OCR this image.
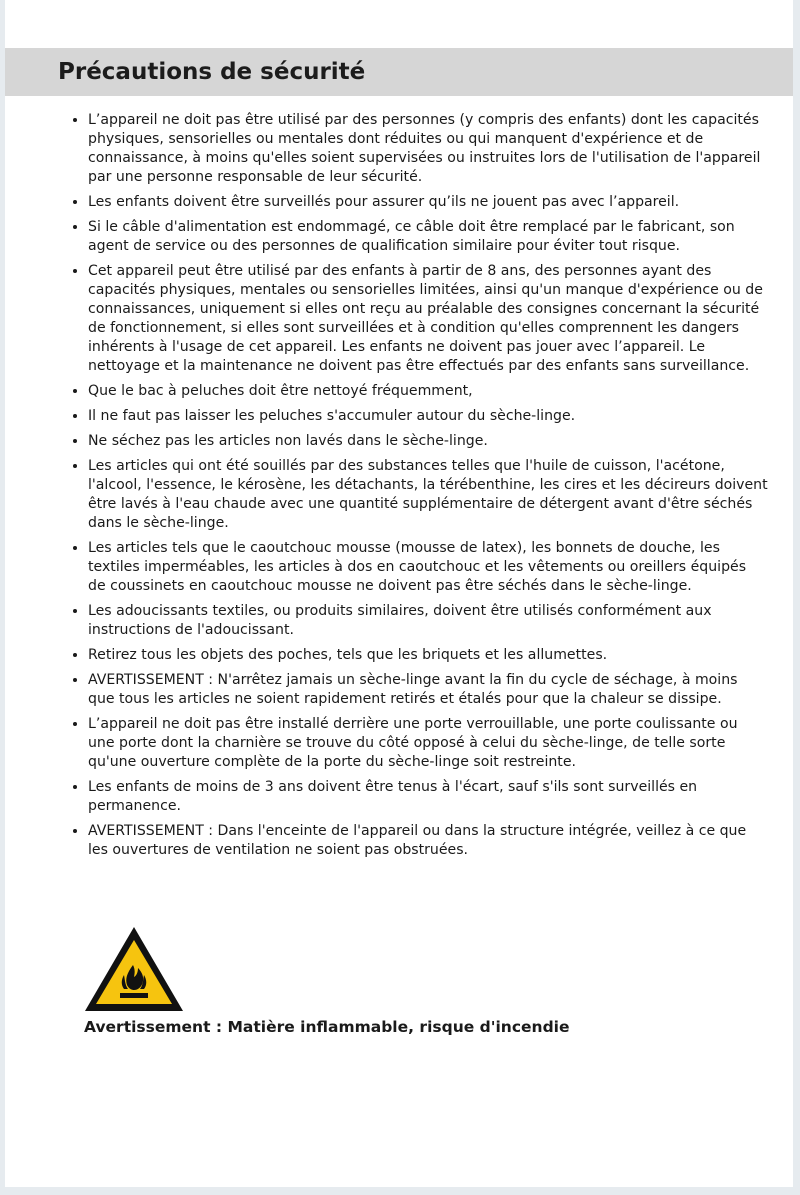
Précautions de sécurité
• L’appareil ne doit pas être utilisé par des personnes (y compris des enfants) dont les capacités physiques, sensorielles ou mentales dont réduites ou qui manquent d'expérience et de connaissance, à moins qu'elles soient supervisées ou instruites lors de l'utilisation de l'appareil par une personne responsable de leur sécurité.
• Les enfants doivent être surveillés pour assurer qu’ils ne jouent pas avec l’appareil.
• Si le câble d'alimentation est endommagé, ce câble doit être remplacé par le fabricant, son agent de service ou des personnes de qualification similaire pour éviter tout risque.
• Cet appareil peut être utilisé par des enfants à partir de 8 ans, des personnes ayant des capacités physiques, mentales ou sensorielles limitées, ainsi qu'un manque d'expérience ou de connaissances, uniquement si elles ont reçu au préalable des consignes concernant la sécurité de fonctionnement, si elles sont surveillées et à condition qu'elles comprennent les dangers inhérents à l'usage de cet appareil. Les enfants ne doivent pas jouer avec l’appareil. Le nettoyage et la maintenance ne doivent pas être effectués par des enfants sans surveillance.
• Que le bac à peluches doit être nettoyé fréquemment,
• Il ne faut pas laisser les peluches s'accumuler autour du sèche-linge.
• Ne séchez pas les articles non lavés dans le sèche-linge.
• Les articles qui ont été souillés par des substances telles que l'huile de cuisson, l'acétone, l'alcool, l'essence, le kérosène, les détachants, la térébenthine, les cires et les décireurs doivent être lavés à l'eau chaude avec une quantité supplémentaire de détergent avant d'être séchés dans le sèche-linge.
• Les articles tels que le caoutchouc mousse (mousse de latex), les bonnets de douche, les textiles imperméables, les articles à dos en caoutchouc et les vêtements ou oreillers équipés de coussinets en caoutchouc mousse ne doivent pas être séchés dans le sèche-linge.
• Les adoucissants textiles, ou produits similaires, doivent être utilisés conformément aux instructions de l'adoucissant.
• Retirez tous les objets des poches, tels que les briquets et les allumettes.
• AVERTISSEMENT : N'arrêtez jamais un sèche-linge avant la fin du cycle de séchage, à moins que tous les articles ne soient rapidement retirés et étalés pour que la chaleur se dissipe.
• L’appareil ne doit pas être installé derrière une porte verrouillable, une porte coulissante ou une porte dont la charnière se trouve du côté opposé à celui du sèche-linge, de telle sorte qu'une ouverture complète de la porte du sèche-linge soit restreinte.
• Les enfants de moins de 3 ans doivent être tenus à l'écart, sauf s'ils sont surveillés en permanence.
• AVERTISSEMENT : Dans l'enceinte de l'appareil ou dans la structure intégrée, veillez à ce que les ouvertures de ventilation ne soient pas obstruées.

Avertissement : Matière inflammable, risque d'incendie
